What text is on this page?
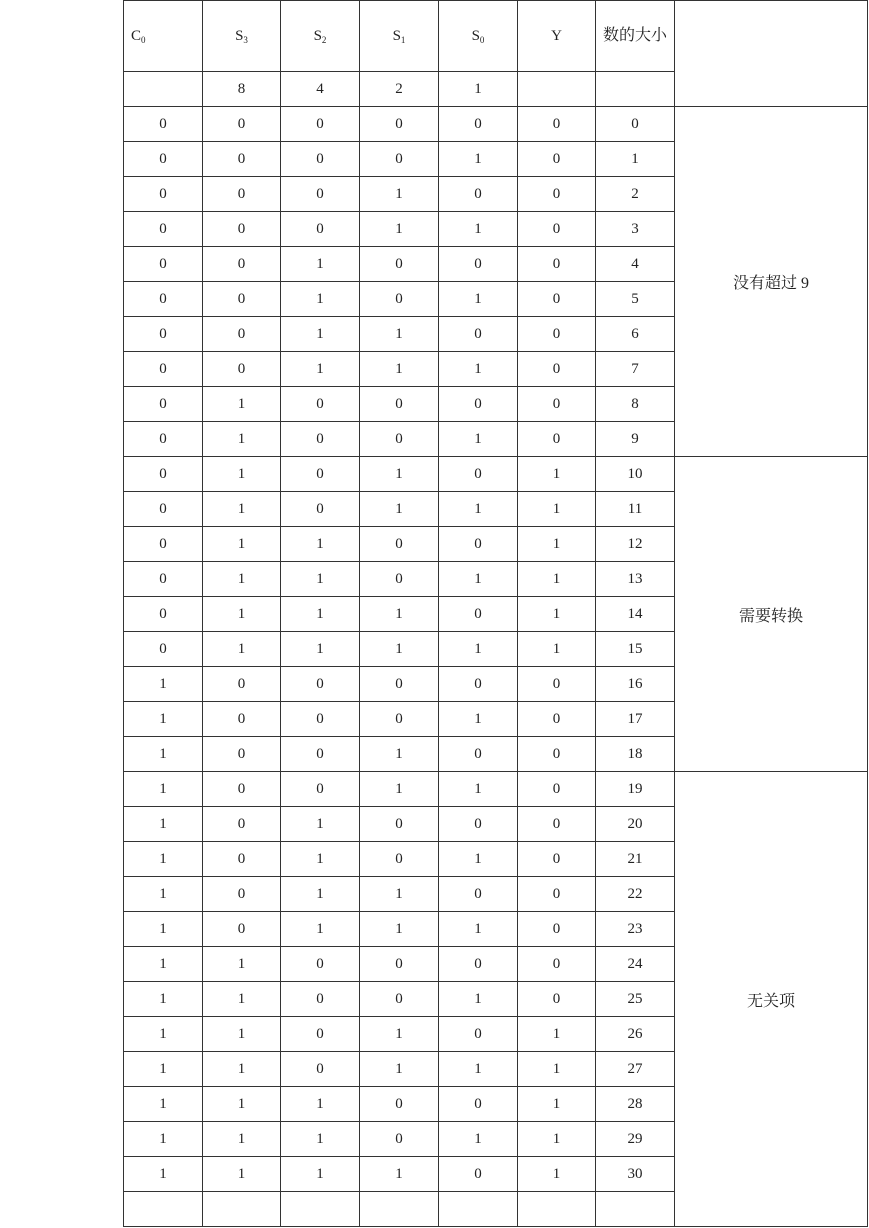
$C_0$	$S_3$	$S_2$	$S_1$	$S_0$	Y	数的大小	

	8	4	2	1			
0	0	0	0	0	0	0	没有超过 9
0	0	0	0	1	0	1	
0	0	0	1	0	0	2	
0	0	0	1	1	0	3	
0	0	1	0	0	0	4	
0	0	1	0	1	0	5	
0	0	1	1	0	0	6	
0	0	1	1	1	0	7	
0	1	0	0	0	0	8	
0	1	0	0	1	0	9	
0	1	0	1	0	1	10	需要转换
0	1	0	1	1	1	11	
0	1	1	0	0	1	12	
0	1	1	0	1	1	13	
0	1	1	1	0	1	14	
0	1	1	1	1	1	15	
1	0	0	0	0	0	16	
1	0	0	0	1	0	17	
1	0	0	1	0	0	18	
1	0	0	1	1	0	19	无关项
1	0	1	0	0	0	20	
1	0	1	0	1	0	21	
1	0	1	1	0	0	22	
1	0	1	1	1	0	23	
1	1	0	0	0	0	24	
1	1	0	0	1	0	25	
1	1	0	1	0	1	26	
1	1	0	1	1	1	27	
1	1	1	0	0	1	28	
1	1	1	0	1	1	29	
1	1	1	1	0	1	30	
